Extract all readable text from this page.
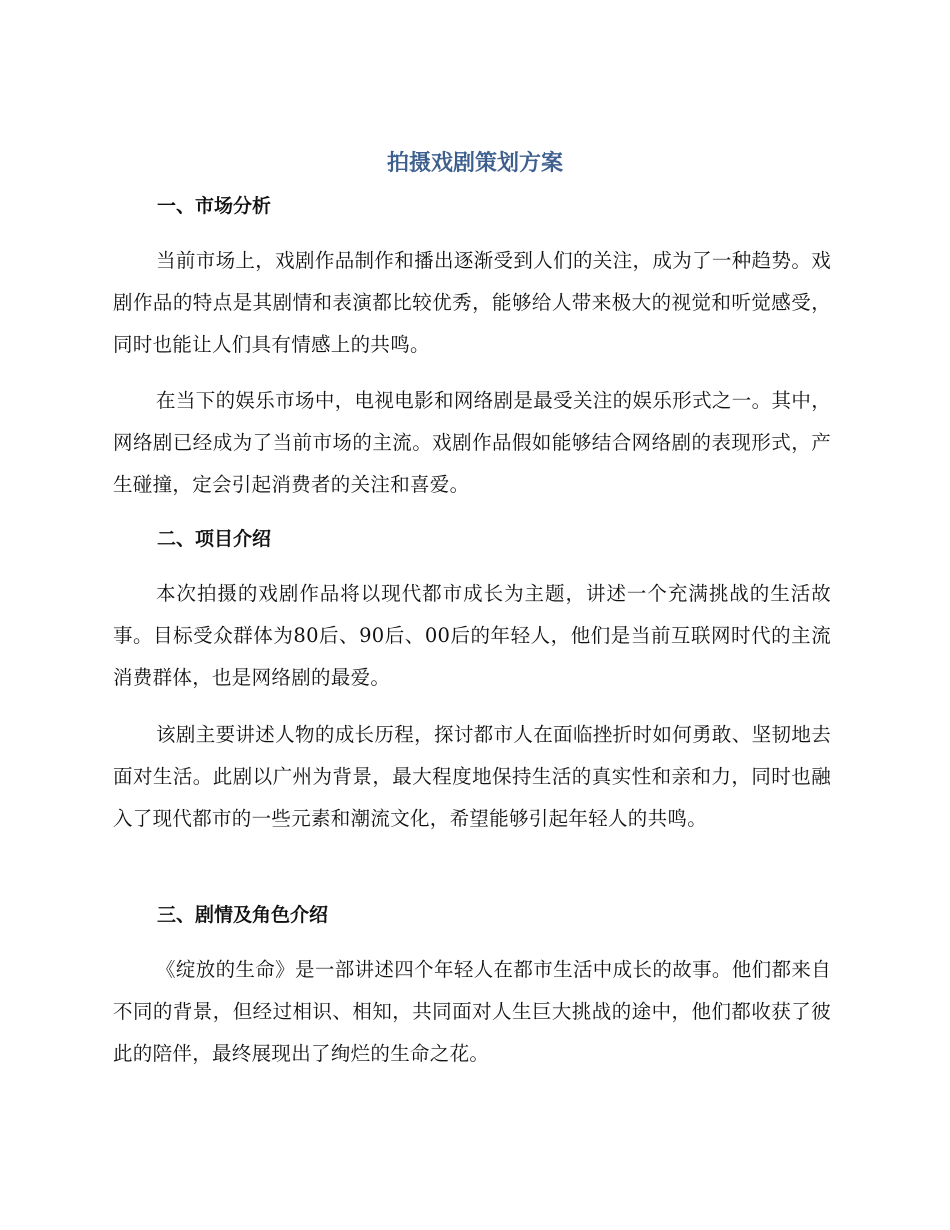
拍摄戏剧策划方案
一、市场分析

当前市场上，戏剧作品制作和播出逐渐受到人们的关注，成为了一种趋势。戏剧作品的特点是其剧情和表演都比较优秀，能够给人带来极大的视觉和听觉感受，同时也能让人们具有情感上的共鸣。

在当下的娱乐市场中，电视电影和网络剧是最受关注的娱乐形式之一。其中，网络剧已经成为了当前市场的主流。戏剧作品假如能够结合网络剧的表现形式，产生碰撞，定会引起消费者的关注和喜爱。

二、项目介绍

本次拍摄的戏剧作品将以现代都市成长为主题，讲述一个充满挑战的生活故事。目标受众群体为80后、90后、00后的年轻人，他们是当前互联网时代的主流消费群体，也是网络剧的最爱。

该剧主要讲述人物的成长历程，探讨都市人在面临挫折时如何勇敢、坚韧地去面对生活。此剧以广州为背景，最大程度地保持生活的真实性和亲和力，同时也融入了现代都市的一些元素和潮流文化，希望能够引起年轻人的共鸣。

三、剧情及角色介绍

《绽放的生命》是一部讲述四个年轻人在都市生活中成长的故事。他们都来自不同的背景，但经过相识、相知，共同面对人生巨大挑战的途中，他们都收获了彼此的陪伴，最终展现出了绚烂的生命之花。
